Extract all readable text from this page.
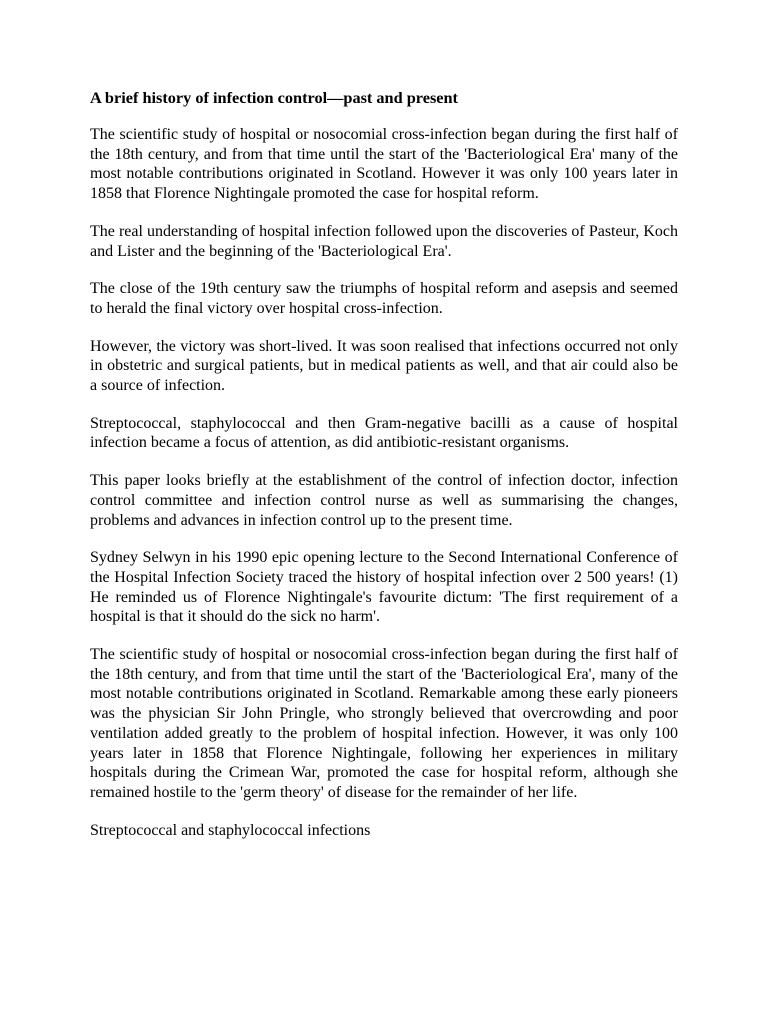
A brief history of infection control―past and present

The scientific study of hospital or nosocomial cross-infection began during the first half of the 18th century, and from that time until the start of the 'Bacteriological Era' many of the most notable contributions originated in Scotland. However it was only 100 years later in 1858 that Florence Nightingale promoted the case for hospital reform.

The real understanding of hospital infection followed upon the discoveries of Pasteur, Koch and Lister and the beginning of the 'Bacteriological Era'.

The close of the 19th century saw the triumphs of hospital reform and asepsis and seemed to herald the final victory over hospital cross-infection.

However, the victory was short-lived. It was soon realised that infections occurred not only in obstetric and surgical patients, but in medical patients as well, and that air could also be a source of infection.

Streptococcal, staphylococcal and then Gram-negative bacilli as a cause of hospital infection became a focus of attention, as did antibiotic-resistant organisms.

This paper looks briefly at the establishment of the control of infection doctor, infection control committee and infection control nurse as well as summarising the changes, problems and advances in infection control up to the present time.

Sydney Selwyn in his 1990 epic opening lecture to the Second International Conference of the Hospital Infection Society traced the history of hospital infection over 2 500 years! (1) He reminded us of Florence Nightingale's favourite dictum: 'The first requirement of a hospital is that it should do the sick no harm'.

The scientific study of hospital or nosocomial cross-infection began during the first half of the 18th century, and from that time until the start of the 'Bacteriological Era', many of the most notable contributions originated in Scotland. Remarkable among these early pioneers was the physician Sir John Pringle, who strongly believed that overcrowding and poor ventilation added greatly to the problem of hospital infection. However, it was only 100 years later in 1858 that Florence Nightingale, following her experiences in military hospitals during the Crimean War, promoted the case for hospital reform, although she remained hostile to the 'germ theory' of disease for the remainder of her life.

Streptococcal and staphylococcal infections
